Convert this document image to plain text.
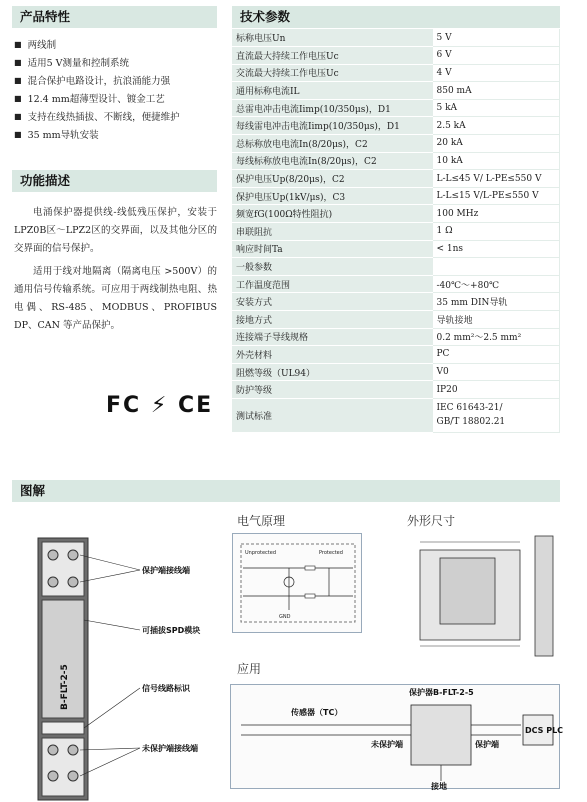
产品特性
■ 两线制
■ 适用5 V测量和控制系统
■ 混合保护电路设计，抗浪涌能力强
■ 12.4 mm超薄型设计、镀金工艺
■ 支持在线热插拔、不断线，便捷维护
■ 35 mm导轨安装
功能描述

电涌保护器提供线-线低残压保护，安装于LPZ0B区～LPZ2区的交界面，以及其他分区的交界面的信号保护。

适用于线对地隔离（隔离电压 >500V）的通用信号传输系统。可应用于两线制热电阻、热电偶、RS-485、MODBUS、PROFIBUS DP、CAN 等产品保护。

FC ⚡ CE
技术参数
标称电压Un	5 V
直流最大持续工作电压Uc	6 V
交流最大持续工作电压Uc	4 V
通用标称电流IL	850 mA
总雷电冲击电流Iimp(10/350μs)，D1	5 kA
每线雷电冲击电流Iimp(10/350μs)，D1	2.5 kA
总标称放电电流In(8/20μs)，C2	20 kA
每线标称放电电流In(8/20μs)，C2	10 kA
保护电压Up(8/20μs)，C2	L-L≤45 V/ L-PE≤550 V
保护电压Up(1kV/μs)，C3	L-L≤15 V/L-PE≤550 V
频宽fG(100Ω特性阻抗)	100 MHz
串联阻抗	1 Ω
响应时间Ta	< 1ns
一般参数	
工作温度范围	-40℃～+80℃
安装方式	35 mm DIN导轨
接地方式	导轨接地
连接端子导线规格	0.2 mm²～2.5 mm²
外壳材料	PC
阻燃等级（UL94）	V0
防护等级	IP20
测试标准	IEC 61643-21/
GB/T 18802.21
图解
B-FLT-2-5
保护端接线端
可插拔SPD模块
信号线路标识
未保护端接线端
电气原理	外形尺寸
应用
Unprotected	Protected
GND
传感器（TC）
保护器B-FLT-2-5
未保护端	保护端
DCS PLC
接地
